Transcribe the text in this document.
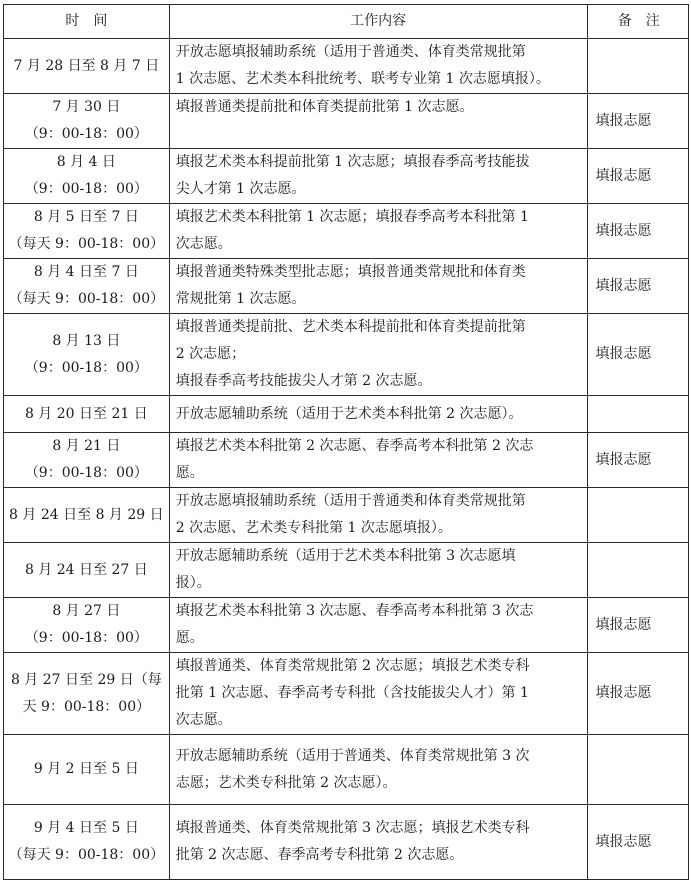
时　间	工作内容	备　注

7 月 28 日至 8 月 7 日	开放志愿填报辅助系统（适用于普通类、体育类常规批第
1 次志愿、艺术类本科批统考、联考专业第 1 次志愿填报）。	

7 月 30 日
（9：00-18：00）	填报普通类提前批和体育类提前批第 1 次志愿。	填报志愿

8 月 4 日
（9：00-18：00）	填报艺术类本科提前批第 1 次志愿；填报春季高考技能拔
尖人才第 1 次志愿。	填报志愿

8 月 5 日至 7 日
（每天 9：00-18：00）	填报艺术类本科批第 1 次志愿；填报春季高考本科批第 1
次志愿。	填报志愿

8 月 4 日至 7 日
（每天 9：00-18：00）	填报普通类特殊类型批志愿；填报普通类常规批和体育类
常规批第 1 次志愿。	填报志愿

8 月 13 日
（9：00-18：00）	填报普通类提前批、艺术类本科提前批和体育类提前批第
2 次志愿；
填报春季高考技能拔尖人才第 2 次志愿。	填报志愿

8 月 20 日至 21 日	开放志愿辅助系统（适用于艺术类本科批第 2 次志愿）。	

8 月 21 日
（9：00-18：00）	填报艺术类本科批第 2 次志愿、春季高考本科批第 2 次志
愿。	填报志愿

8 月 24 日至 8 月 29 日	开放志愿填报辅助系统（适用于普通类和体育类常规批第
2 次志愿、艺术类专科批第 1 次志愿填报）。	

8 月 24 日至 27 日	开放志愿辅助系统（适用于艺术类本科批第 3 次志愿填
报）。	

8 月 27 日
（9：00-18：00）	填报艺术类本科批第 3 次志愿、春季高考本科批第 3 次志
愿。	填报志愿

8 月 27 日至 29 日（每
天 9：00-18：00）	填报普通类、体育类常规批第 2 次志愿；填报艺术类专科
批第 1 次志愿、春季高考专科批（含技能拔尖人才）第 1
次志愿。	填报志愿

9 月 2 日至 5 日	开放志愿辅助系统（适用于普通类、体育类常规批第 3 次
志愿；艺术类专科批第 2 次志愿）。	

9 月 4 日至 5 日
（每天 9：00-18：00）	填报普通类、体育类常规批第 3 次志愿；填报艺术类专科
批第 2 次志愿、春季高考专科批第 2 次志愿。	填报志愿
